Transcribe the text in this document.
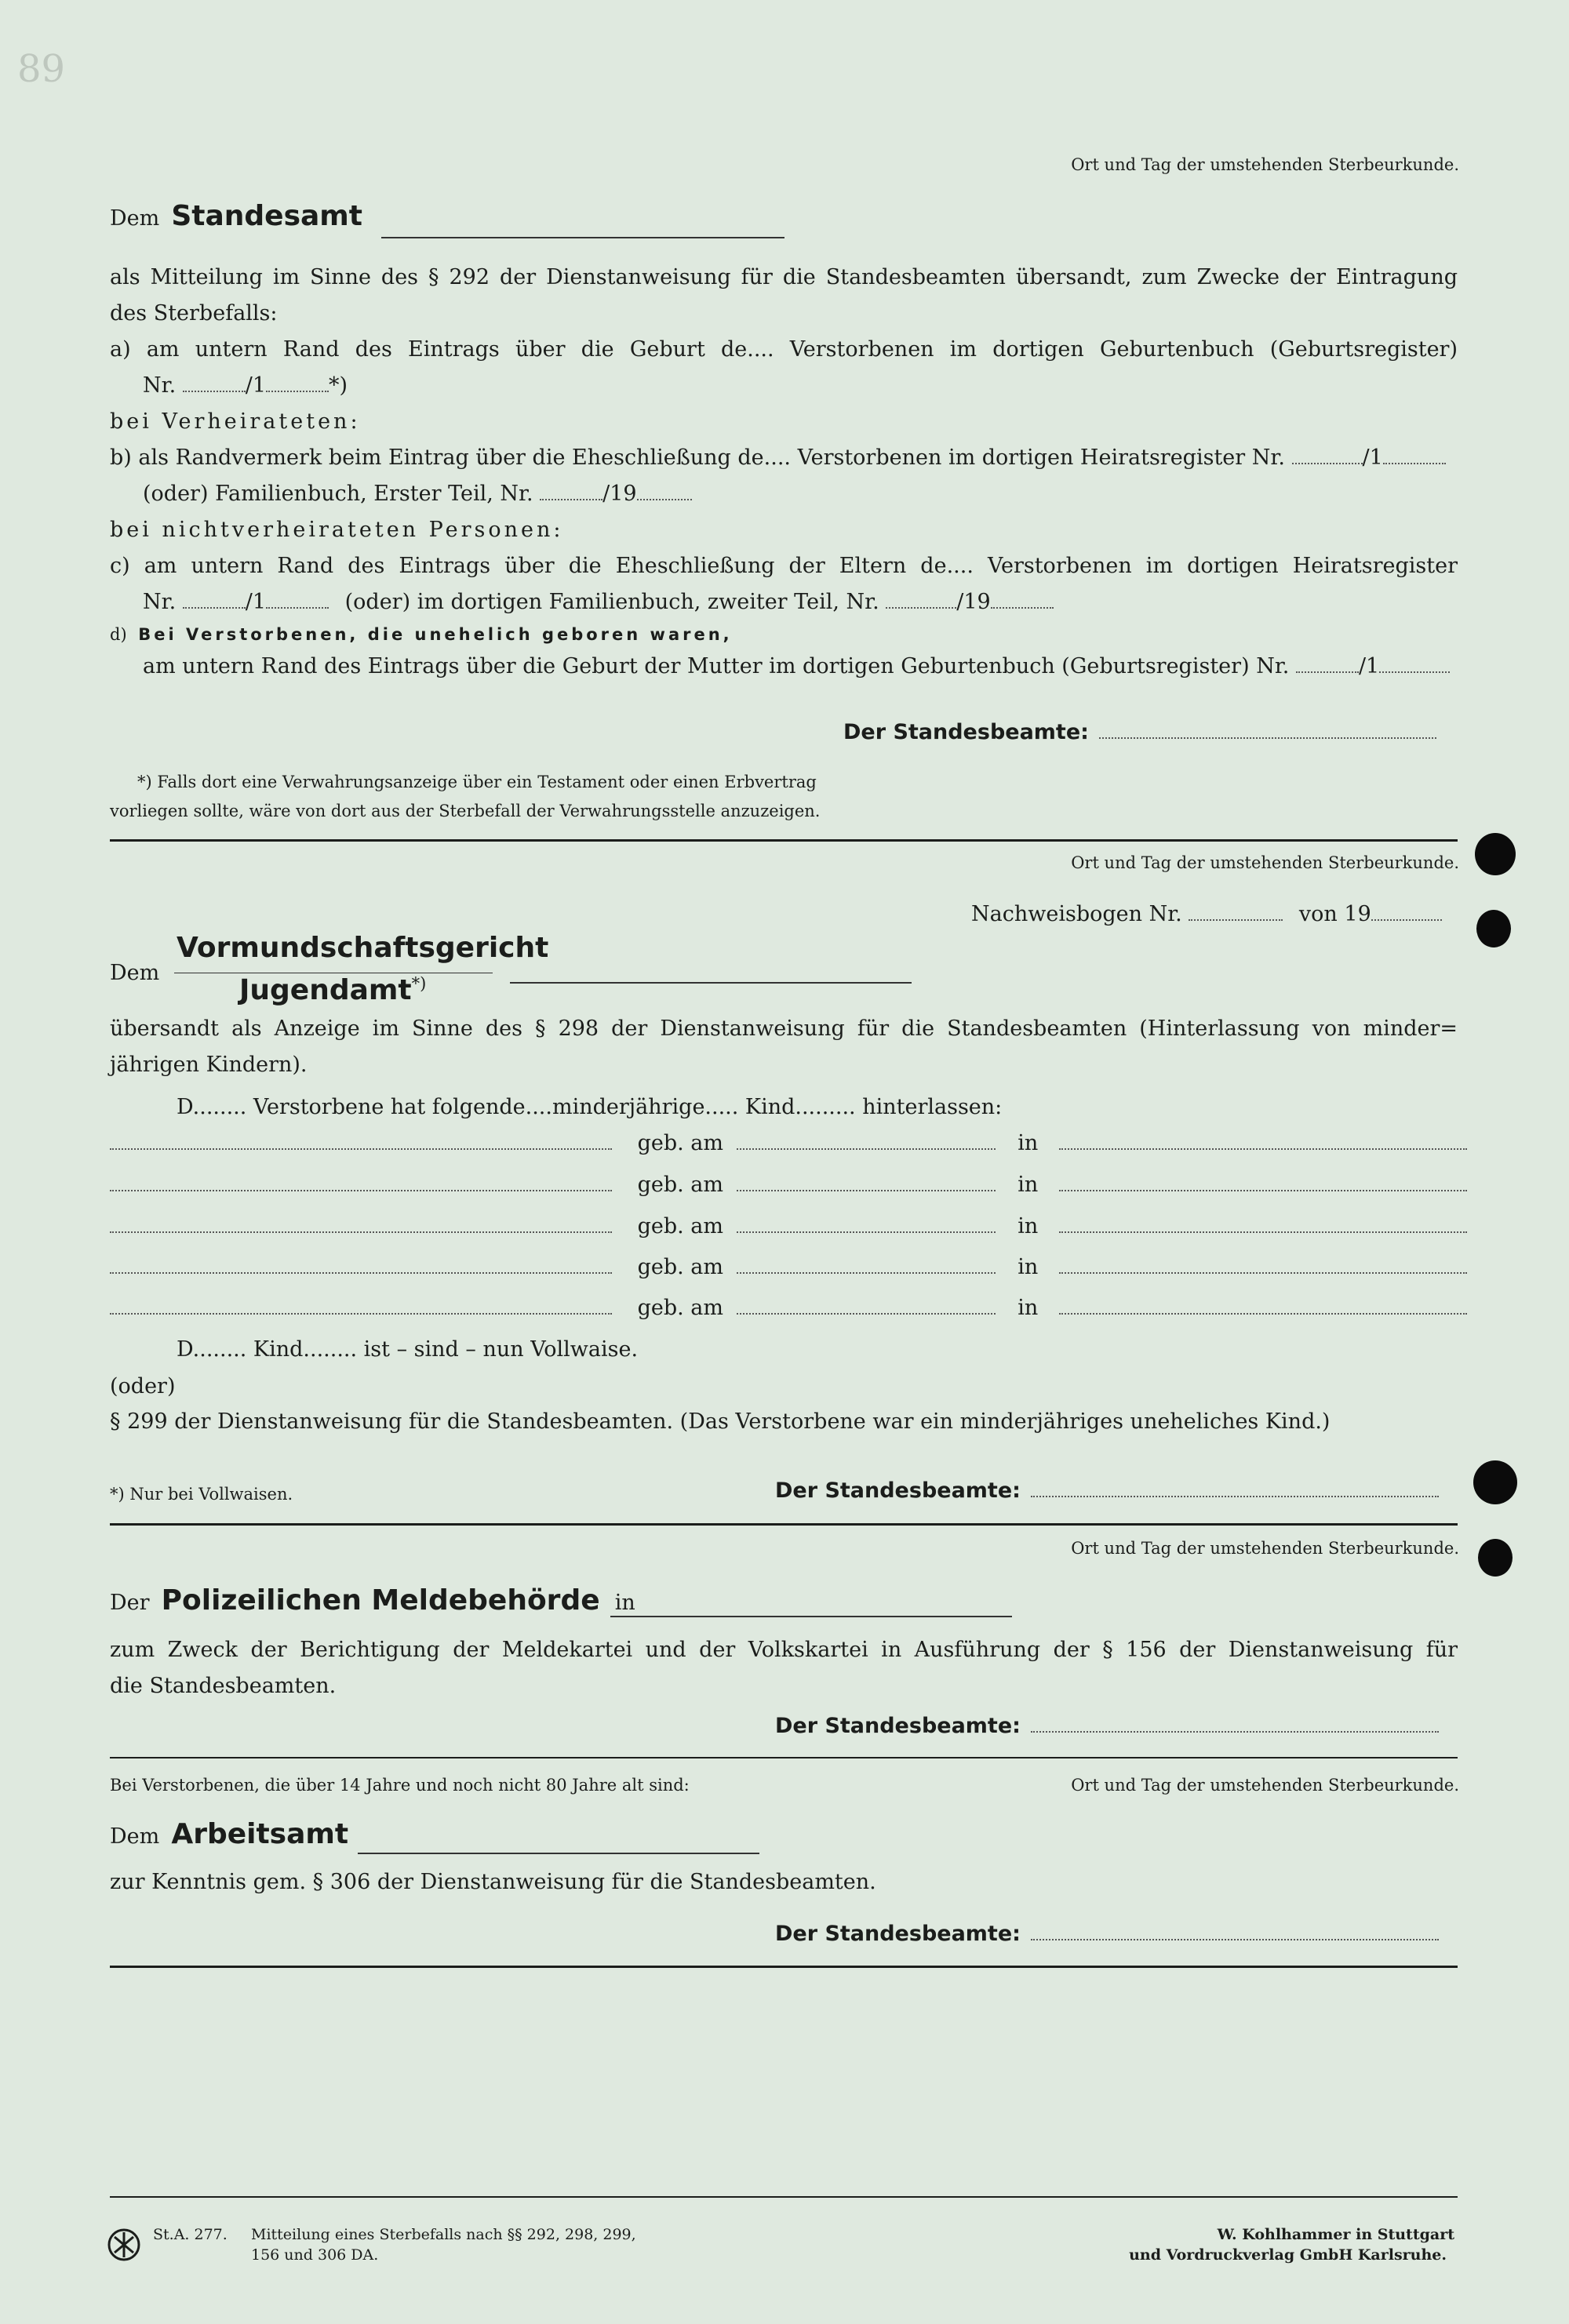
89
Ort und Tag der umstehenden Sterbeurkunde.
Dem Standesamt
als Mitteilung im Sinne des § 292 der Dienstanweisung für die Standesbeamten übersandt, zum Zwecke der Eintragung
des Sterbefalls:
a) am untern Rand des Eintrags über die Geburt de.... Verstorbenen im dortigen Geburtenbuch (Geburtsregister)
Nr.	/1	*)
bei Verheirateten:
b) als Randvermerk beim Eintrag über die Eheschließung de.... Verstorbenen im dortigen Heiratsregister Nr.	/1
(oder) Familienbuch, Erster Teil, Nr.	/19
bei nichtverheirateten Personen:
c) am untern Rand des Eintrags über die Eheschließung der Eltern de.... Verstorbenen im dortigen Heiratsregister
Nr.	/1	(oder) im dortigen Familienbuch, zweiter Teil, Nr.	/19
d) Bei Verstorbenen, die unehelich geboren waren,
am untern Rand des Eintrags über die Geburt der Mutter im dortigen Geburtenbuch (Geburtsregister) Nr.	/1
Der Standesbeamte:
*) Falls dort eine Verwahrungsanzeige über ein Testament oder einen Erbvertrag
vorliegen sollte, wäre von dort aus der Sterbefall der Verwahrungsstelle anzuzeigen.
Ort und Tag der umstehenden Sterbeurkunde.
Nachweisbogen Nr.	von 19
Dem
Vormundschaftsgericht
Jugendamt*)
übersandt als Anzeige im Sinne des § 298 der Dienstanweisung für die Standesbeamten (Hinterlassung von minder=
jährigen Kindern).
D........ Verstorbene hat folgende....minderjährige..... Kind......... hinterlassen:
geb. am	in
geb. am	in
geb. am	in
geb. am	in
geb. am	in
D........ Kind........ ist – sind – nun Vollwaise.
(oder)
§ 299 der Dienstanweisung für die Standesbeamten. (Das Verstorbene war ein minderjähriges uneheliches Kind.)
*) Nur bei Vollwaisen.	Der Standesbeamte:
Ort und Tag der umstehenden Sterbeurkunde.
Der Polizeilichen Meldebehörde in
zum Zweck der Berichtigung der Meldekartei und der Volkskartei in Ausführung der § 156 der Dienstanweisung für
die Standesbeamten.
Der Standesbeamte:
Bei Verstorbenen, die über 14 Jahre und noch nicht 80 Jahre alt sind:	Ort und Tag der umstehenden Sterbeurkunde.
Dem Arbeitsamt
zur Kenntnis gem. § 306 der Dienstanweisung für die Standesbeamten.
Der Standesbeamte:
St.A. 277. Mitteilung eines Sterbefalls nach §§ 292, 298, 299,
156 und 306 DA.
W. Kohlhammer in Stuttgart
und Vordruckverlag GmbH Karlsruhe.
